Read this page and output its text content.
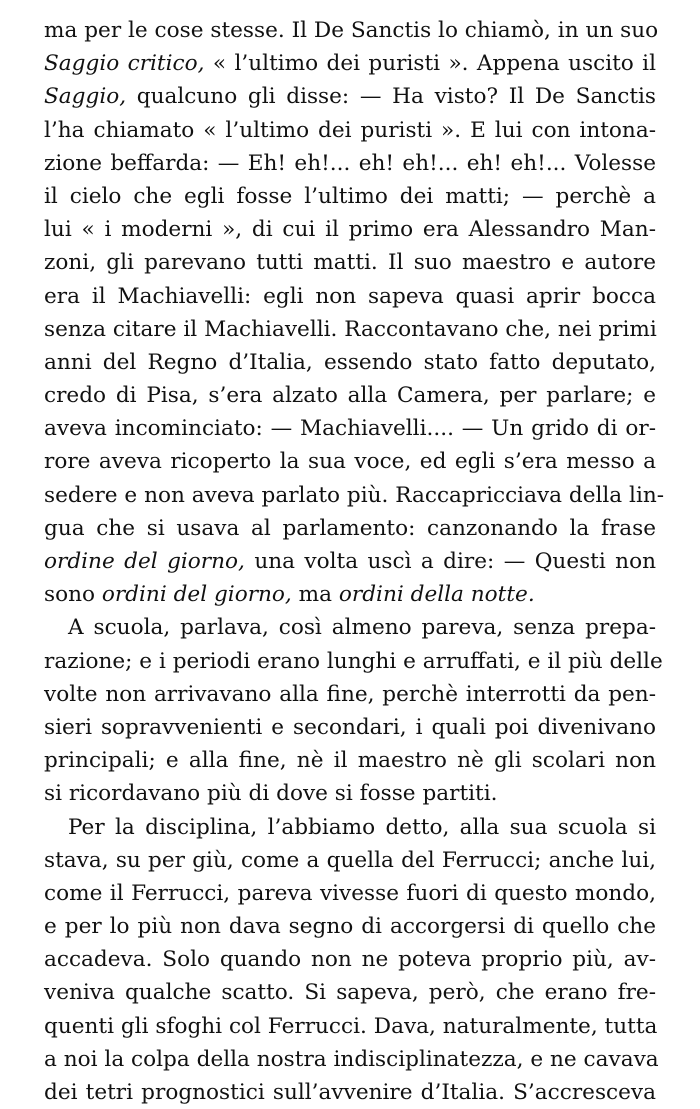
ma per le cose stesse. Il De Sanctis lo chiamò, in un suo
Saggio critico, « l’ultimo dei puristi ». Appena uscito il
Saggio, qualcuno gli disse: — Ha visto? Il De Sanctis
l’ha chiamato « l’ultimo dei puristi ». E lui con intona-
zione beffarda: — Eh! eh!... eh! eh!... eh! eh!... Volesse
il cielo che egli fosse l’ultimo dei matti; — perchè a
lui « i moderni », di cui il primo era Alessandro Man-
zoni, gli parevano tutti matti. Il suo maestro e autore
era il Machiavelli: egli non sapeva quasi aprir bocca
senza citare il Machiavelli. Raccontavano che, nei primi
anni del Regno d’Italia, essendo stato fatto deputato,
credo di Pisa, s’era alzato alla Camera, per parlare; e
aveva incominciato: — Machiavelli.... — Un grido di or-
rore aveva ricoperto la sua voce, ed egli s’era messo a
sedere e non aveva parlato più. Raccapricciava della lin-
gua che si usava al parlamento: canzonando la frase
ordine del giorno, una volta uscì a dire: — Questi non
sono ordini del giorno, ma ordini della notte.
A scuola, parlava, così almeno pareva, senza prepa-
razione; e i periodi erano lunghi e arruffati, e il più delle
volte non arrivavano alla fine, perchè interrotti da pen-
sieri sopravvenienti e secondari, i quali poi divenivano
principali; e alla fine, nè il maestro nè gli scolari non
si ricordavano più di dove si fosse partiti.
Per la disciplina, l’abbiamo detto, alla sua scuola si
stava, su per giù, come a quella del Ferrucci; anche lui,
come il Ferrucci, pareva vivesse fuori di questo mondo,
e per lo più non dava segno di accorgersi di quello che
accadeva. Solo quando non ne poteva proprio più, av-
veniva qualche scatto. Si sapeva, però, che erano fre-
quenti gli sfoghi col Ferrucci. Dava, naturalmente, tutta
a noi la colpa della nostra indisciplinatezza, e ne cavava
dei tetri prognostici sull’avvenire d’Italia. S’accresceva
